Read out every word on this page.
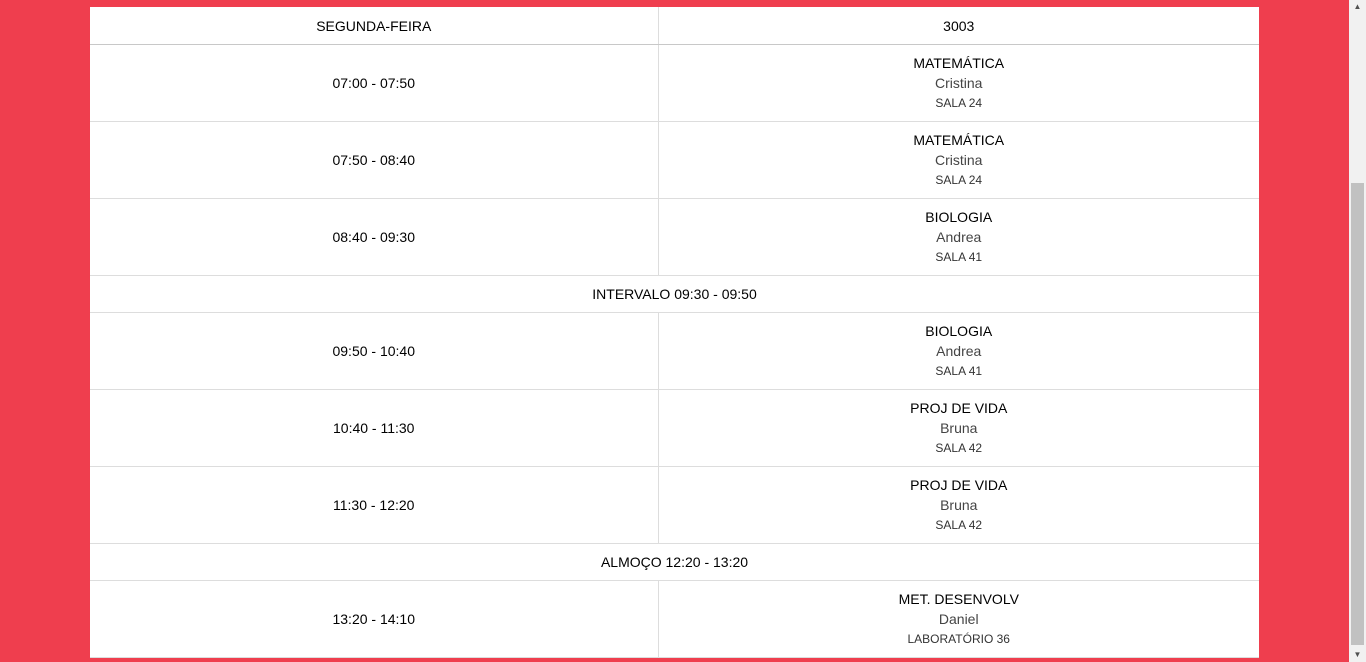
SEGUNDA-FEIRA	3003
07:00 - 07:50	MATEMÁTICA
Cristina
SALA 24

07:50 - 08:40	MATEMÁTICA
Cristina
SALA 24

08:40 - 09:30	BIOLOGIA
Andrea
SALA 41

INTERVALO 09:30 - 09:50	
09:50 - 10:40	BIOLOGIA
Andrea
SALA 41

10:40 - 11:30	PROJ DE VIDA
Bruna
SALA 42

11:30 - 12:20	PROJ DE VIDA
Bruna
SALA 42

ALMOÇO 12:20 - 13:20	
13:20 - 14:10	MET. DESENVOLV
Daniel
LABORATÓRIO 36
▲
▼
